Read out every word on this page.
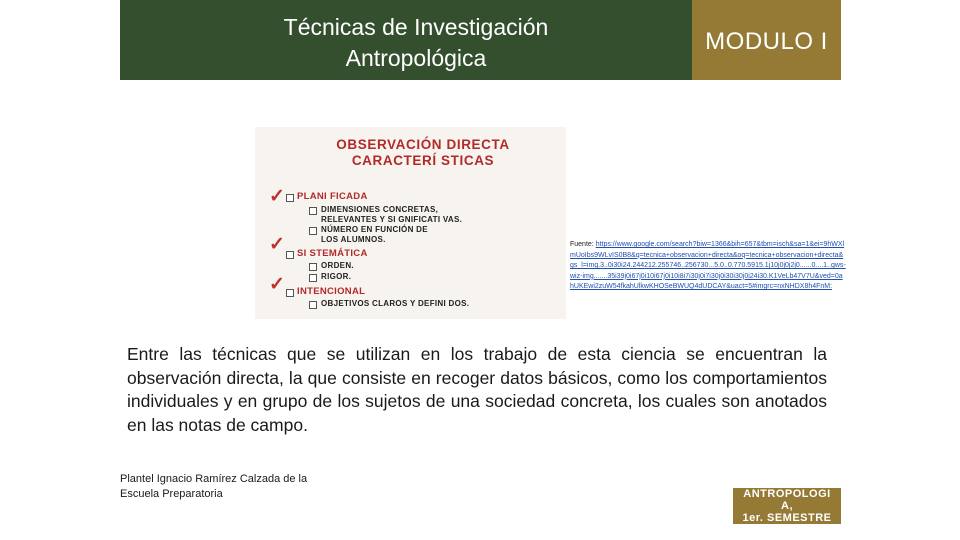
Técnicas de Investigación
Antropológica
MODULO I
OBSERVACIÓN DIRECTA
CARACTERÍ STICAS
✓ PLANI FICADA
DIMENSIONES CONCRETAS,
RELEVANTES Y SI GNIFICATI VAS.
NÚMERO EN FUNCIÓN DE
LOS ALUMNOS.
✓ SI STEMÁTICA
ORDEN.
RIGOR.
✓ INTENCIONAL
OBJETIVOS CLAROS Y DEFINI DOS.
Fuente: https://www.google.com/search?biw=1366&bih=657&tbm=isch&sa=1&ei=9hWXlmUoIbs9WLvIS0B8&q=tecnica+observacion+directa&oq=tecnica+observacion+directa&gs_l=img.3..0i30i24.244212.255746..256730...5.0..0.770.5915.1j10j0j0j2j0......0....1..gws-wiz-img.......35i39j0i67j0i10i67j0i10i8i7i30j0i7i30j0i30i30j0i24i30.K1VeLb47V7U&ved=0ahUKEwi2zuW54fkahUlkwKHOSeBWUQ4dUDCAY&uact=5#imgrc=nxNHDX8h4FnM:
Entre las técnicas que se utilizan en los trabajo de esta ciencia se encuentran la observación directa, la que consiste en recoger datos básicos, como los comportamientos individuales y en grupo de los sujetos de una sociedad concreta, los cuales son anotados en las notas de campo.
Plantel Ignacio Ramírez Calzada de la
Escuela Preparatoria	ANTROPOLOGI
A,
1er. SEMESTRE
